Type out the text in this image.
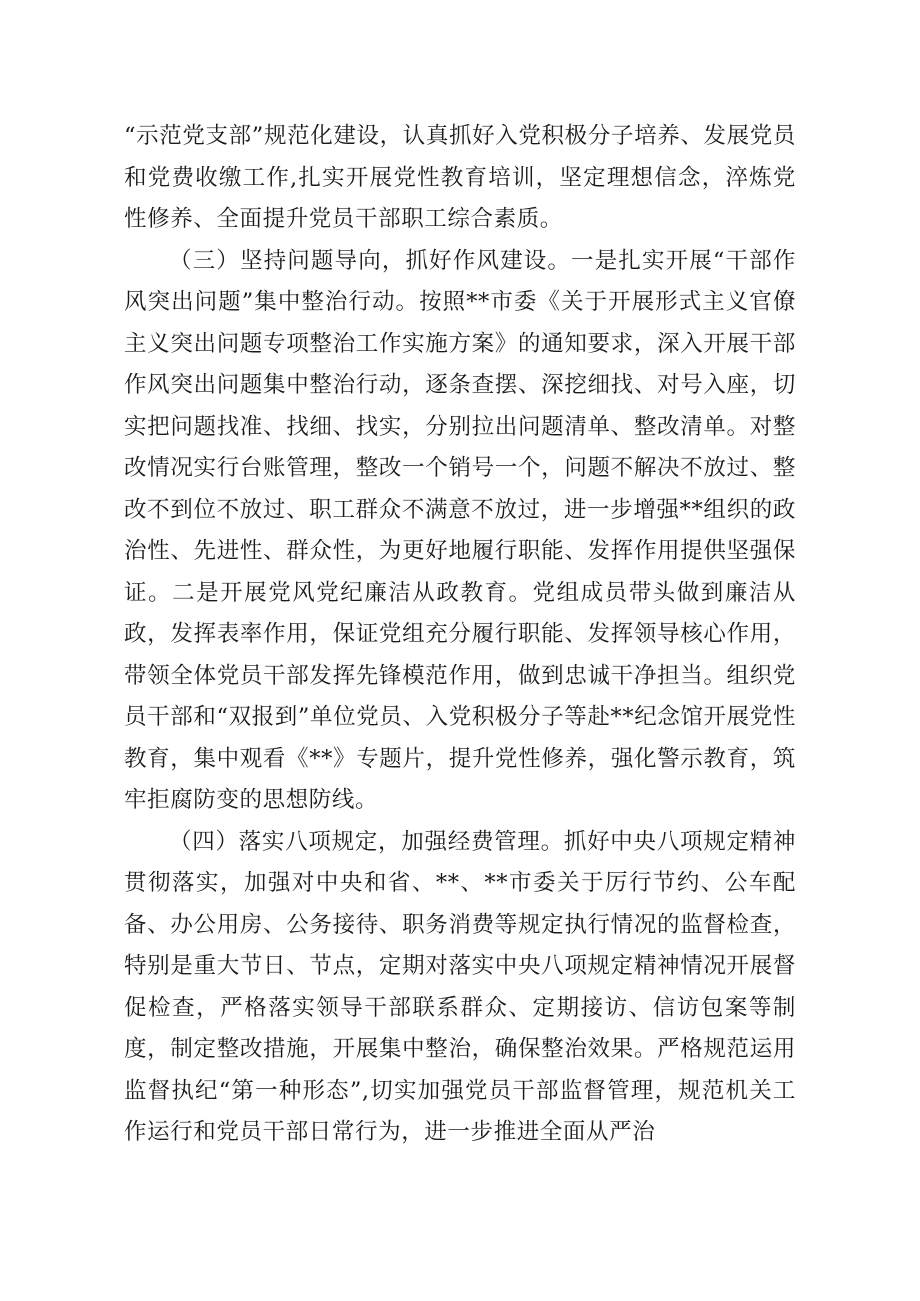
“示范党支部”规范化建设，认真抓好入党积极分子培养、发展党员和党费收缴工作,扎实开展党性教育培训，坚定理想信念，淬炼党性修养、全面提升党员干部职工综合素质。

（三）坚持问题导向，抓好作风建设。一是扎实开展“干部作风突出问题”集中整治行动。按照**市委《关于开展形式主义官僚主义突出问题专项整治工作实施方案》的通知要求，深入开展干部作风突出问题集中整治行动，逐条查摆、深挖细找、对号入座，切实把问题找准、找细、找实，分别拉出问题清单、整改清单。对整改情况实行台账管理，整改一个销号一个，问题不解决不放过、整改不到位不放过、职工群众不满意不放过，进一步增强**组织的政治性、先进性、群众性，为更好地履行职能、发挥作用提供坚强保证。二是开展党风党纪廉洁从政教育。党组成员带头做到廉洁从政，发挥表率作用，保证党组充分履行职能、发挥领导核心作用，带领全体党员干部发挥先锋模范作用，做到忠诚干净担当。组织党员干部和“双报到”单位党员、入党积极分子等赴**纪念馆开展党性教育，集中观看《**》专题片，提升党性修养，强化警示教育，筑牢拒腐防变的思想防线。

（四）落实八项规定，加强经费管理。抓好中央八项规定精神贯彻落实，加强对中央和省、**、**市委关于厉行节约、公车配备、办公用房、公务接待、职务消费等规定执行情况的监督检查，特别是重大节日、节点，定期对落实中央八项规定精神情况开展督促检查，严格落实领导干部联系群众、定期接访、信访包案等制度，制定整改措施，开展集中整治，确保整治效果。严格规范运用监督执纪“第一种形态”,切实加强党员干部监督管理，规范机关工作运行和党员干部日常行为，进一步推进全面从严治
